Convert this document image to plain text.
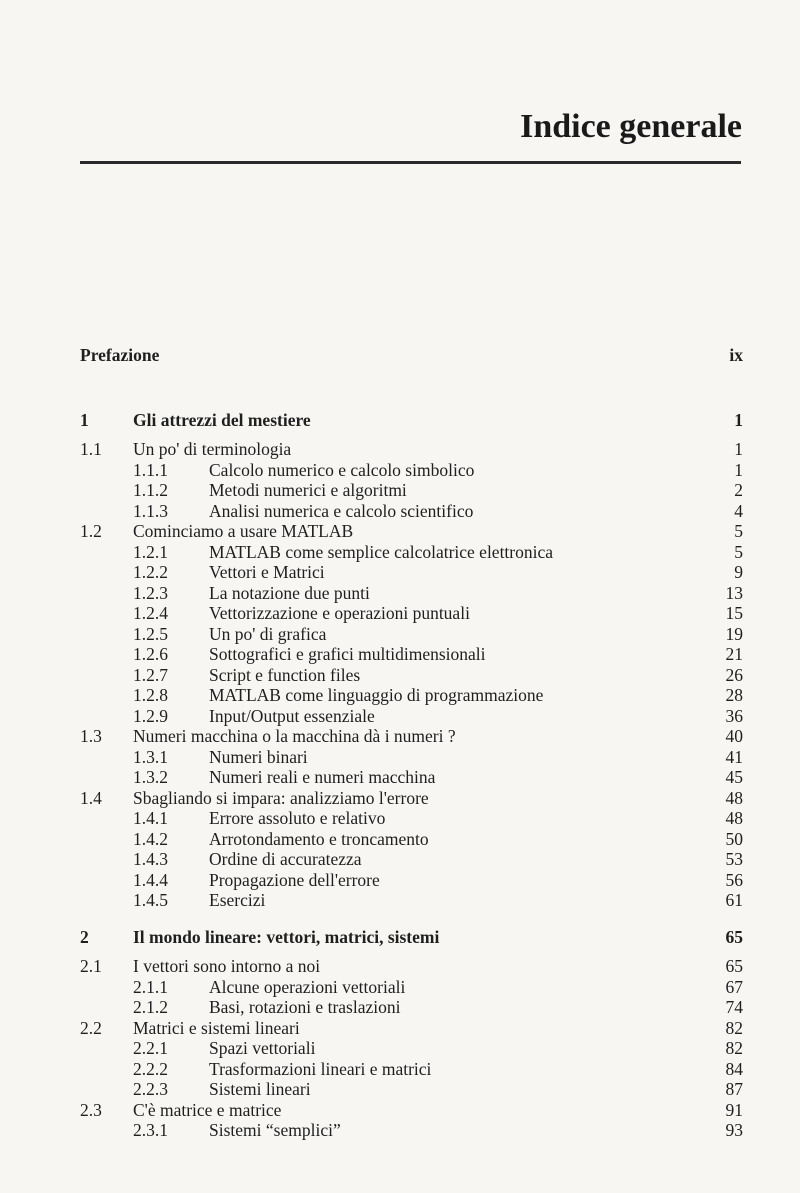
Indice generale
Prefazione	ix
1	Gli attrezzi del mestiere	1
1.1 Un po' di terminologia	1
1.1.1 Calcolo numerico e calcolo simbolico	1
1.1.2 Metodi numerici e algoritmi	2
1.1.3 Analisi numerica e calcolo scientifico	4
1.2 Cominciamo a usare MATLAB	5
1.2.1 MATLAB come semplice calcolatrice elettronica	5
1.2.2 Vettori e Matrici	9
1.2.3 La notazione due punti	13
1.2.4 Vettorizzazione e operazioni puntuali	15
1.2.5 Un po' di grafica	19
1.2.6 Sottografici e grafici multidimensionali	21
1.2.7 Script e function files	26
1.2.8 MATLAB come linguaggio di programmazione	28
1.2.9 Input/Output essenziale	36
1.3 Numeri macchina o la macchina dà i numeri ?	40
1.3.1 Numeri binari	41
1.3.2 Numeri reali e numeri macchina	45
1.4 Sbagliando si impara: analizziamo l'errore	48
1.4.1 Errore assoluto e relativo	48
1.4.2 Arrotondamento e troncamento	50
1.4.3 Ordine di accuratezza	53
1.4.4 Propagazione dell'errore	56
1.4.5 Esercizi	61
2	Il mondo lineare: vettori, matrici, sistemi	65
2.1 I vettori sono intorno a noi	65
2.1.1 Alcune operazioni vettoriali	67
2.1.2 Basi, rotazioni e traslazioni	74
2.2 Matrici e sistemi lineari	82
2.2.1 Spazi vettoriali	82
2.2.2 Trasformazioni lineari e matrici	84
2.2.3 Sistemi lineari	87
2.3 C'è matrice e matrice	91
2.3.1 Sistemi “semplici”	93
